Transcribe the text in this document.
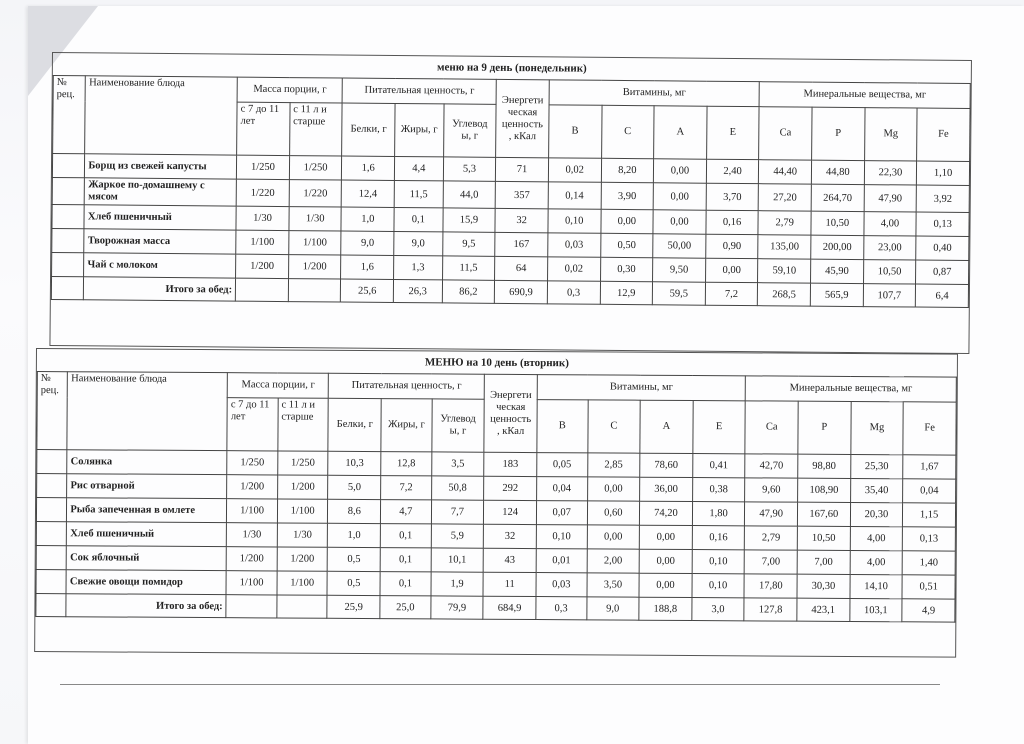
меню на 9 день (понедельник)
№ рец.	Наименование блюда	Масса порции, г		Питательная ценность, г			Энергети ческая ценность , кКал	Витамины, мг				Минеральные вещества, мг			
		с 7 до 11 лет	с 11 л и старше	Белки, г	Жиры, г	Углевод ы, г		B	C	A	E	Ca	P	Mg	Fe
	Борщ из свежей капусты	1/250	1/250	1,6	4,4	5,3	71	0,02	8,20	0,00	2,40	44,40	44,80	22,30	1,10
	Жаркое по-домашнему с мясом	1/220	1/220	12,4	11,5	44,0	357	0,14	3,90	0,00	3,70	27,20	264,70	47,90	3,92
	Хлеб пшеничный	1/30	1/30	1,0	0,1	15,9	32	0,10	0,00	0,00	0,16	2,79	10,50	4,00	0,13
	Творожная масса	1/100	1/100	9,0	9,0	9,5	167	0,03	0,50	50,00	0,90	135,00	200,00	23,00	0,40
	Чай с молоком	1/200	1/200	1,6	1,3	11,5	64	0,02	0,30	9,50	0,00	59,10	45,90	10,50	0,87
	Итого за обед:			25,6	26,3	86,2	690,9	0,3	12,9	59,5	7,2	268,5	565,9	107,7	6,4
МЕНЮ на 10 день (вторник)
№ рец.	Наименование блюда	Масса порции, г		Питательная ценность, г			Энергети ческая ценность , кКал	Витамины, мг				Минеральные вещества, мг			
		с 7 до 11 лет	с 11 л и старше	Белки, г	Жиры, г	Углевод ы, г		B	C	A	E	Ca	P	Mg	Fe
	Солянка	1/250	1/250	10,3	12,8	3,5	183	0,05	2,85	78,60	0,41	42,70	98,80	25,30	1,67
	Рис отварной	1/200	1/200	5,0	7,2	50,8	292	0,04	0,00	36,00	0,38	9,60	108,90	35,40	0,04
	Рыба запеченная в омлете	1/100	1/100	8,6	4,7	7,7	124	0,07	0,60	74,20	1,80	47,90	167,60	20,30	1,15
	Хлеб пшеничный	1/30	1/30	1,0	0,1	5,9	32	0,10	0,00	0,00	0,16	2,79	10,50	4,00	0,13
	Сок яблочный	1/200	1/200	0,5	0,1	10,1	43	0,01	2,00	0,00	0,10	7,00	7,00	4,00	1,40
	Свежие овощи помидор	1/100	1/100	0,5	0,1	1,9	11	0,03	3,50	0,00	0,10	17,80	30,30	14,10	0,51
	Итого за обед:			25,9	25,0	79,9	684,9	0,3	9,0	188,8	3,0	127,8	423,1	103,1	4,9
